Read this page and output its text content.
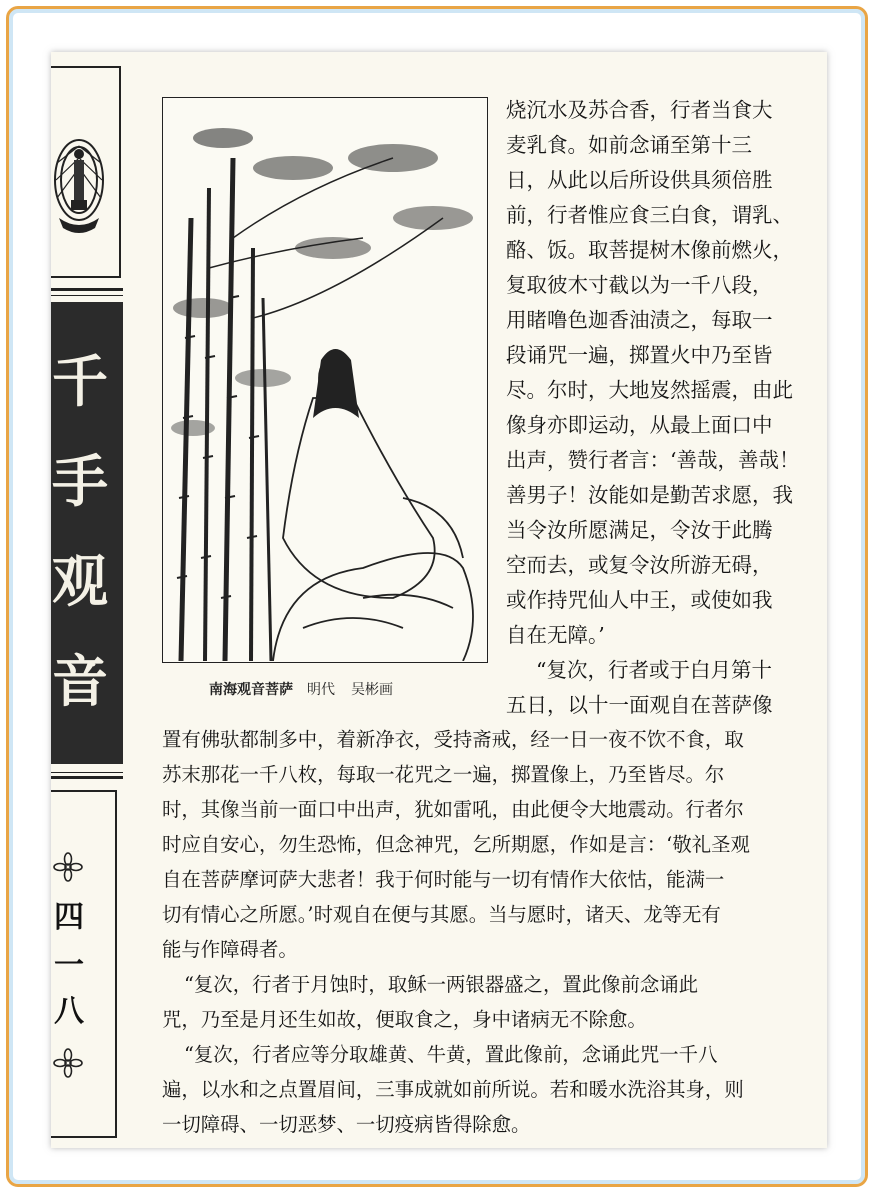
千
手
观
音
四
一
八
南海观音菩萨 明代 吴彬画
烧沉水及苏合香，行者当食大
麦乳食。如前念诵至第十三
日，从此以后所设供具须倍胜
前，行者惟应食三白食，谓乳、
酪、饭。取菩提树木像前燃火，
复取彼木寸截以为一千八段，
用睹噜色迦香油渍之，每取一
段诵咒一遍，掷置火中乃至皆
尽。尔时，大地岌然摇震，由此
像身亦即运动，从最上面口中
出声，赞行者言：‘善哉，善哉！
善男子！汝能如是勤苦求愿，我
当令汝所愿满足，令汝于此腾
空而去，或复令汝所游无碍，
或作持咒仙人中王，或使如我
自在无障。’
“复次，行者或于白月第十
五日，以十一面观自在菩萨像
置有佛驮都制多中，着新净衣，受持斋戒，经一日一夜不饮不食，取
苏末那花一千八枚，每取一花咒之一遍，掷置像上，乃至皆尽。尔
时，其像当前一面口中出声，犹如雷吼，由此便令大地震动。行者尔
时应自安心，勿生恐怖，但念神咒，乞所期愿，作如是言：‘敬礼圣观
自在菩萨摩诃萨大悲者！我于何时能与一切有情作大依怙，能满一
切有情心之所愿。’时观自在便与其愿。当与愿时，诸天、龙等无有
能与作障碍者。
“复次，行者于月蚀时，取稣一两银器盛之，置此像前念诵此
咒，乃至是月还生如故，便取食之，身中诸病无不除愈。
“复次，行者应等分取雄黄、牛黄，置此像前，念诵此咒一千八
遍，以水和之点置眉间，三事成就如前所说。若和暖水洗浴其身，则
一切障碍、一切恶梦、一切疫病皆得除愈。
